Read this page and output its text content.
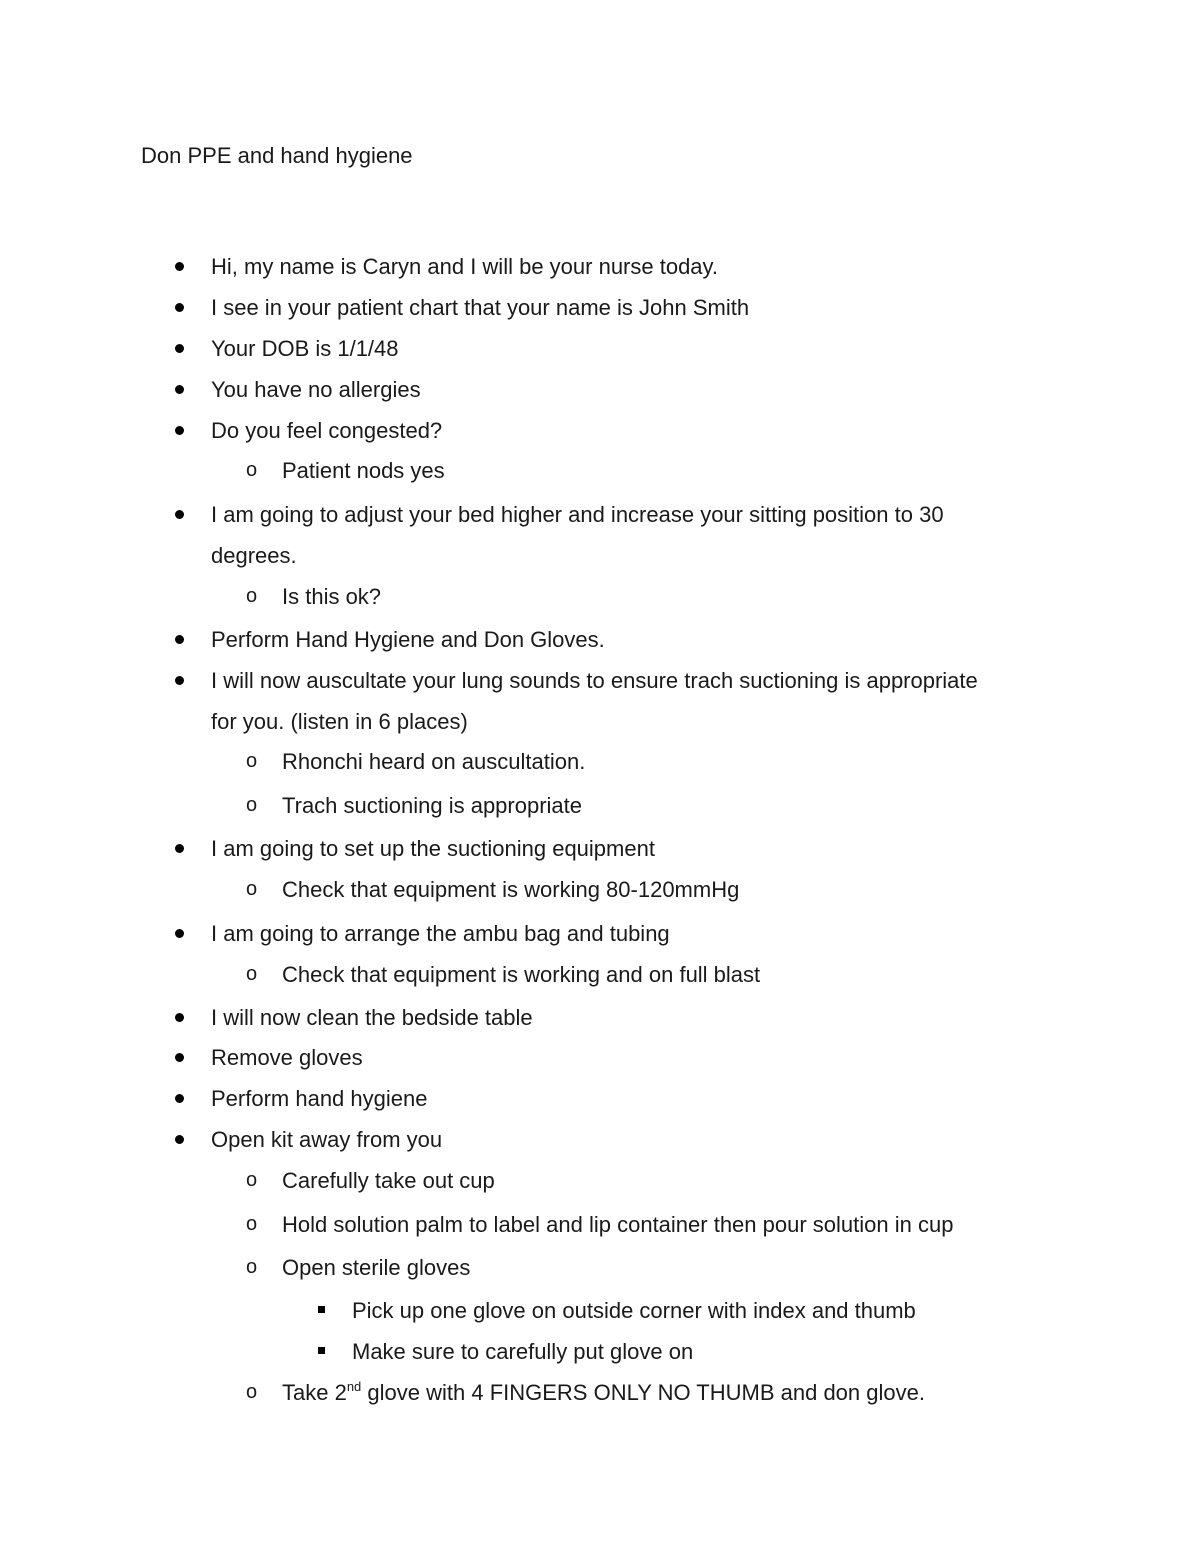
Don PPE and hand hygiene
Hi, my name is Caryn and I will be your nurse today.
I see in your patient chart that your name is John Smith
Your DOB is 1/1/48
You have no allergies
Do you feel congested?
o Patient nods yes
I am going to adjust your bed higher and increase your sitting position to 30
degrees.
o Is this ok?
Perform Hand Hygiene and Don Gloves.
I will now auscultate your lung sounds to ensure trach suctioning is appropriate
for you. (listen in 6 places)
o Rhonchi heard on auscultation.
o Trach suctioning is appropriate
I am going to set up the suctioning equipment
o Check that equipment is working 80-120mmHg
I am going to arrange the ambu bag and tubing
o Check that equipment is working and on full blast
I will now clean the bedside table
Remove gloves
Perform hand hygiene
Open kit away from you
o Carefully take out cup
o Hold solution palm to label and lip container then pour solution in cup
o Open sterile gloves
Pick up one glove on outside corner with index and thumb
Make sure to carefully put glove on
o Take 2nd glove with 4 FINGERS ONLY NO THUMB and don glove.
